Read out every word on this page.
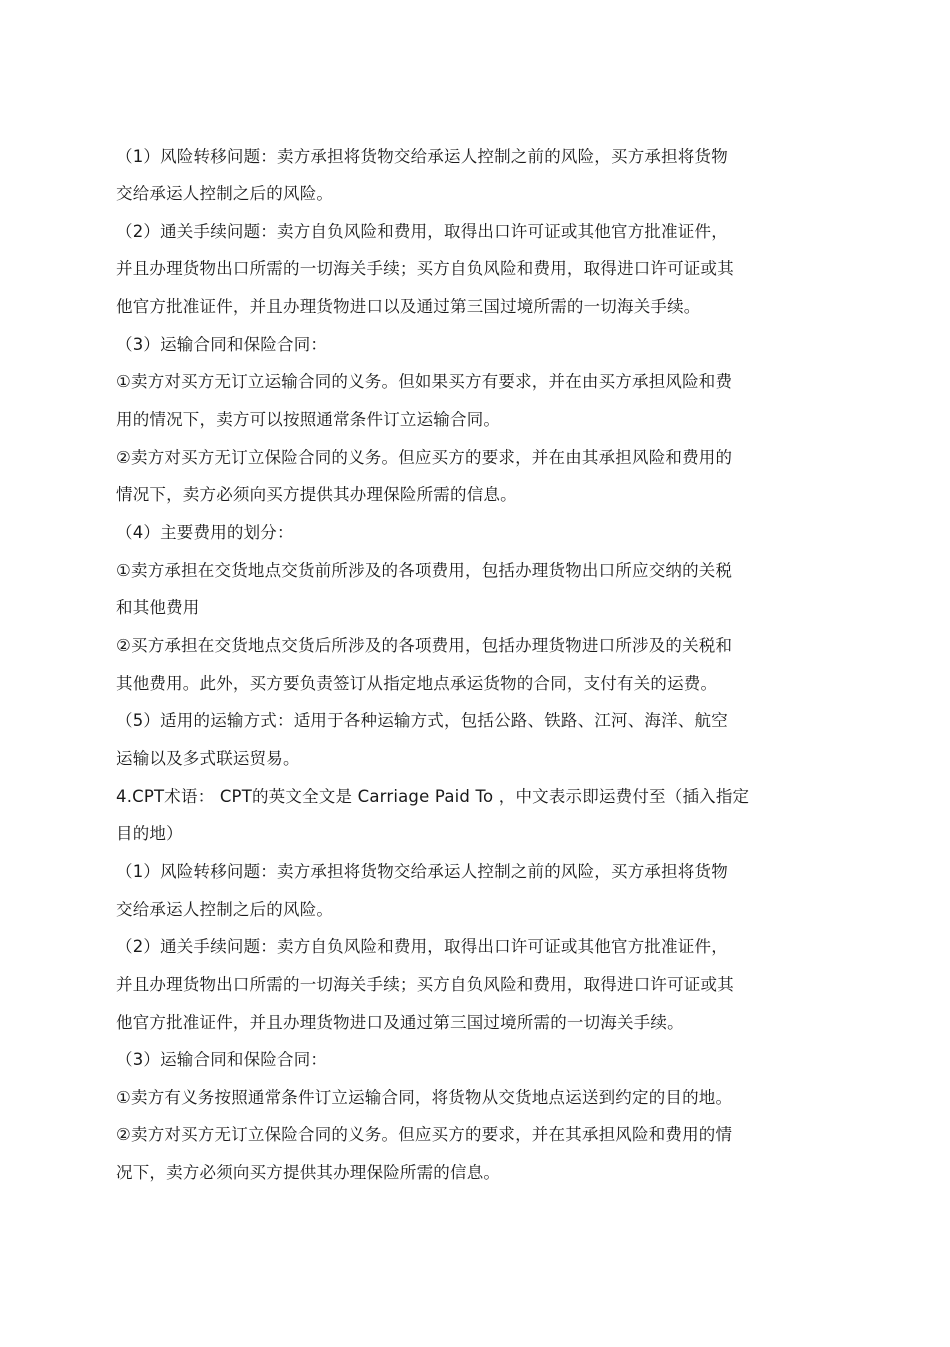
（1）风险转移问题：卖方承担将货物交给承运人控制之前的风险，买方承担将货物
交给承运人控制之后的风险。
（2）通关手续问题：卖方自负风险和费用，取得出口许可证或其他官方批准证件，
并且办理货物出口所需的一切海关手续；买方自负风险和费用，取得进口许可证或其
他官方批准证件，并且办理货物进口以及通过第三国过境所需的一切海关手续。
（3）运输合同和保险合同：
①卖方对买方无订立运输合同的义务。但如果买方有要求，并在由买方承担风险和费
用的情况下，卖方可以按照通常条件订立运输合同。
②卖方对买方无订立保险合同的义务。但应买方的要求，并在由其承担风险和费用的
情况下，卖方必须向买方提供其办理保险所需的信息。
（4）主要费用的划分：
①卖方承担在交货地点交货前所涉及的各项费用，包括办理货物出口所应交纳的关税
和其他费用
②买方承担在交货地点交货后所涉及的各项费用，包括办理货物进口所涉及的关税和
其他费用。此外，买方要负责签订从指定地点承运货物的合同，支付有关的运费。
（5）适用的运输方式：适用于各种运输方式，包括公路、铁路、江河、海洋、航空
运输以及多式联运贸易。
4.CPT术语： CPT的英文全文是 Carriage Paid To ，中文表示即运费付至（插入指定
目的地）
（1）风险转移问题：卖方承担将货物交给承运人控制之前的风险，买方承担将货物
交给承运人控制之后的风险。
（2）通关手续问题：卖方自负风险和费用，取得出口许可证或其他官方批准证件，
并且办理货物出口所需的一切海关手续；买方自负风险和费用，取得进口许可证或其
他官方批准证件，并且办理货物进口及通过第三国过境所需的一切海关手续。
（3）运输合同和保险合同：
①卖方有义务按照通常条件订立运输合同，将货物从交货地点运送到约定的目的地。
②卖方对买方无订立保险合同的义务。但应买方的要求，并在其承担风险和费用的情
况下，卖方必须向买方提供其办理保险所需的信息。
